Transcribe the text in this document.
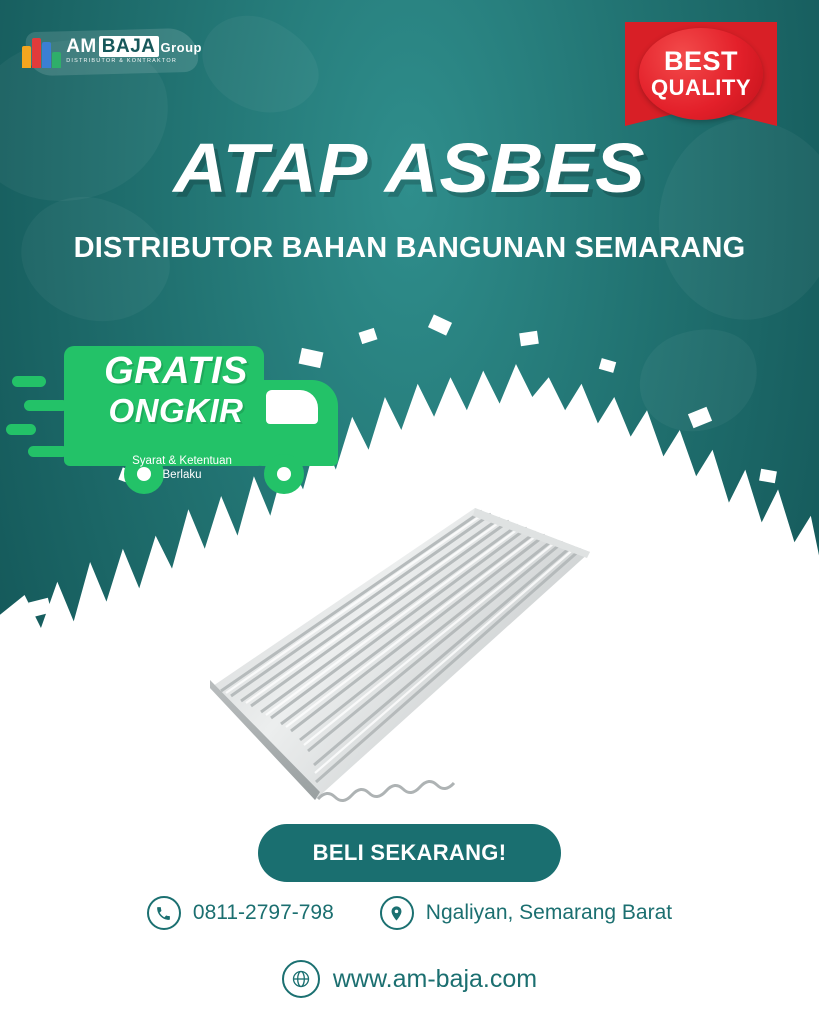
AM BAJA Group
DISTRIBUTOR & KONTRAKTOR	BEST
QUALITY
ATAP ASBES
DISTRIBUTOR BAHAN BANGUNAN SEMARANG
GRATIS
ONGKIR
Syarat & Ketentuan
Berlaku
BELI SEKARANG!
0811-2797-798	Ngaliyan, Semarang Barat
www.am-baja.com
